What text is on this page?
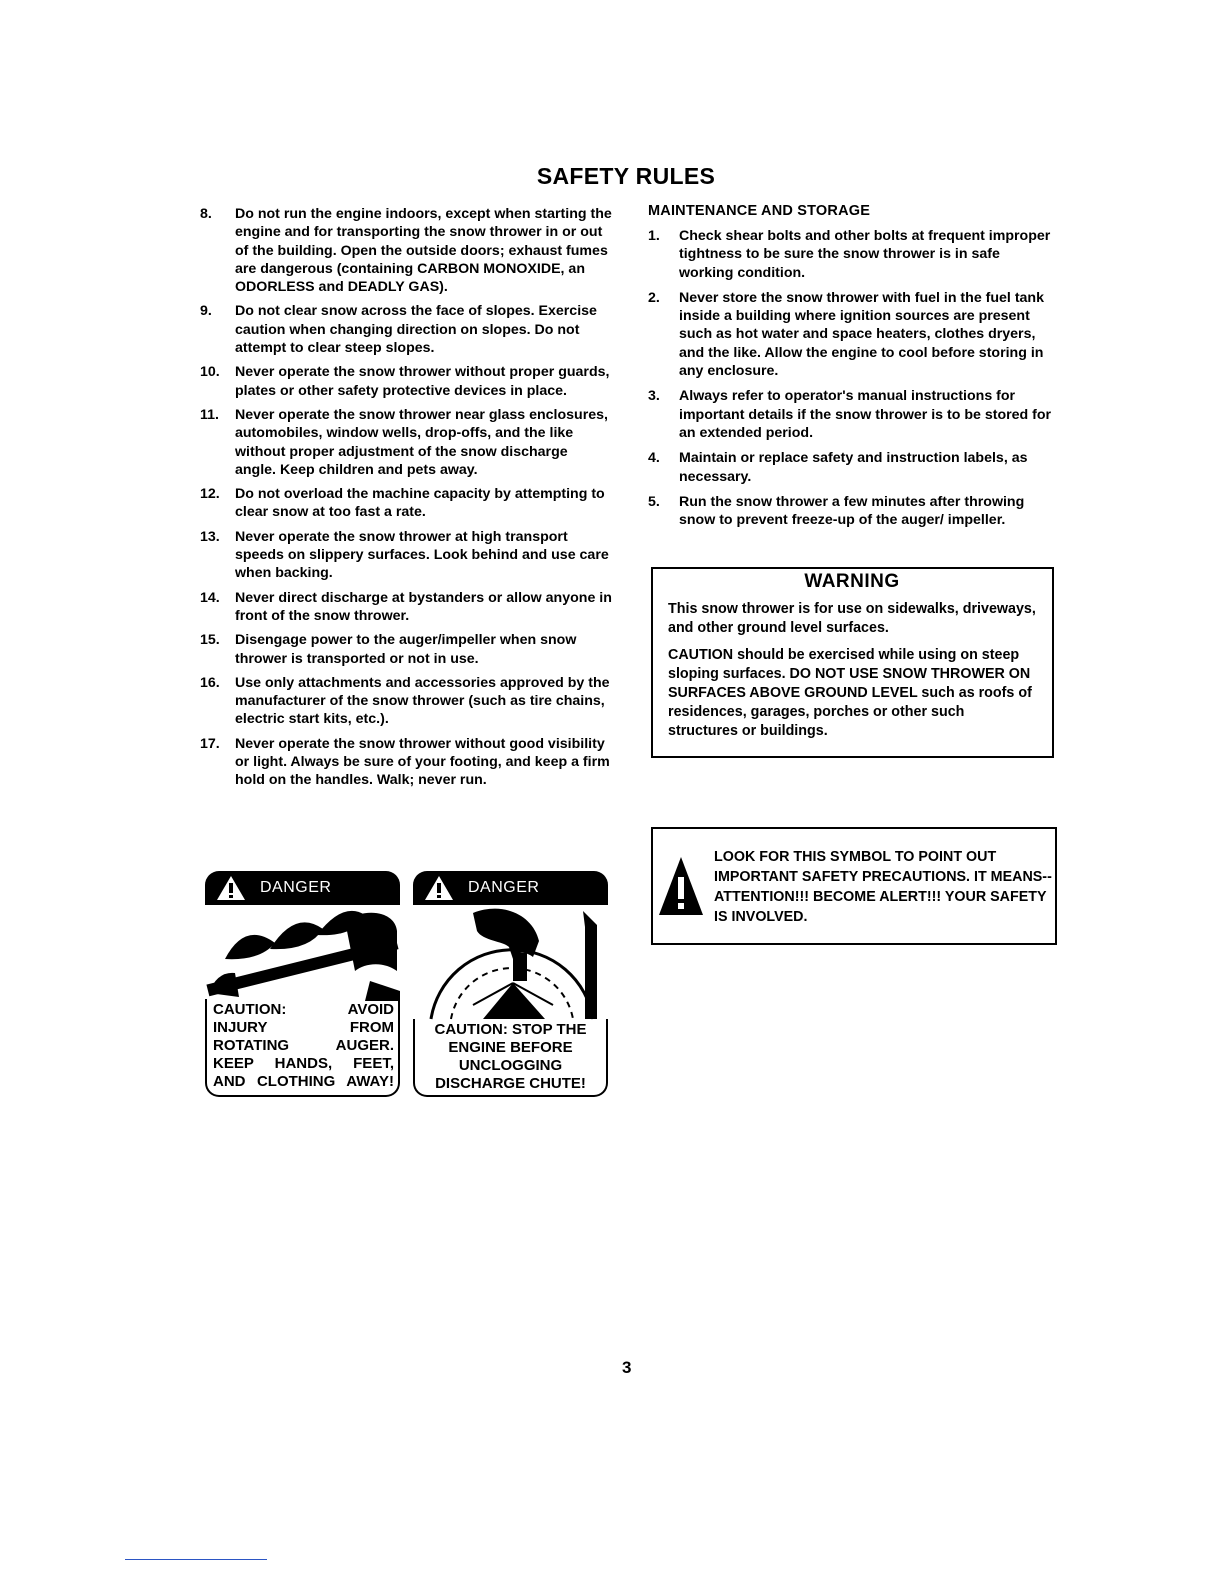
SAFETY RULES
8. Do not run the engine indoors, except when starting the engine and for transporting the snow thrower in or out of the building. Open the outside doors; exhaust fumes are dangerous (containing CARBON MONOXIDE, an ODORLESS and DEADLY GAS).
9. Do not clear snow across the face of slopes. Exercise caution when changing direction on slopes. Do not attempt to clear steep slopes.
10. Never operate the snow thrower without proper guards, plates or other safety protective devices in place.
11. Never operate the snow thrower near glass enclosures, automobiles, window wells, drop-offs, and the like without proper adjustment of the snow discharge angle. Keep children and pets away.
12. Do not overload the machine capacity by attempting to clear snow at too fast a rate.
13. Never operate the snow thrower at high transport speeds on slippery surfaces. Look behind and use care when backing.
14. Never direct discharge at bystanders or allow anyone in front of the snow thrower.
15. Disengage power to the auger/impeller when snow thrower is transported or not in use.
16. Use only attachments and accessories approved by the manufacturer of the snow thrower (such as tire chains, electric start kits, etc.).
17. Never operate the snow thrower without good visibility or light. Always be sure of your footing, and keep a firm hold on the handles. Walk; never run.
MAINTENANCE AND STORAGE
1. Check shear bolts and other bolts at frequent improper tightness to be sure the snow thrower is in safe working condition.
2. Never store the snow thrower with fuel in the fuel tank inside a building where ignition sources are present such as hot water and space heaters, clothes dryers, and the like. Allow the engine to cool before storing in any enclosure.
3. Always refer to operator's manual instructions for important details if the snow thrower is to be stored for an extended period.
4. Maintain or replace safety and instruction labels, as necessary.
5. Run the snow thrower a few minutes after throwing snow to prevent freeze-up of the auger/ impeller.
WARNING

This snow thrower is for use on sidewalks, driveways, and other ground level surfaces.

CAUTION should be exercised while using on steep sloping surfaces. DO NOT USE SNOW THROWER ON SURFACES ABOVE GROUND LEVEL such as roofs of residences, garages, porches or other such structures or buildings.

LOOK FOR THIS SYMBOL TO POINT OUT IMPORTANT SAFETY PRECAUTIONS. IT MEANS--ATTENTION!!! BECOME ALERT!!! YOUR SAFETY IS INVOLVED.
DANGER
CAUTION: AVOID INJURY FROM ROTATING AUGER. KEEP HANDS, FEET, AND CLOTHING AWAY!
DANGER
CAUTION: STOP THE ENGINE BEFORE UNCLOGGING DISCHARGE CHUTE!
3
